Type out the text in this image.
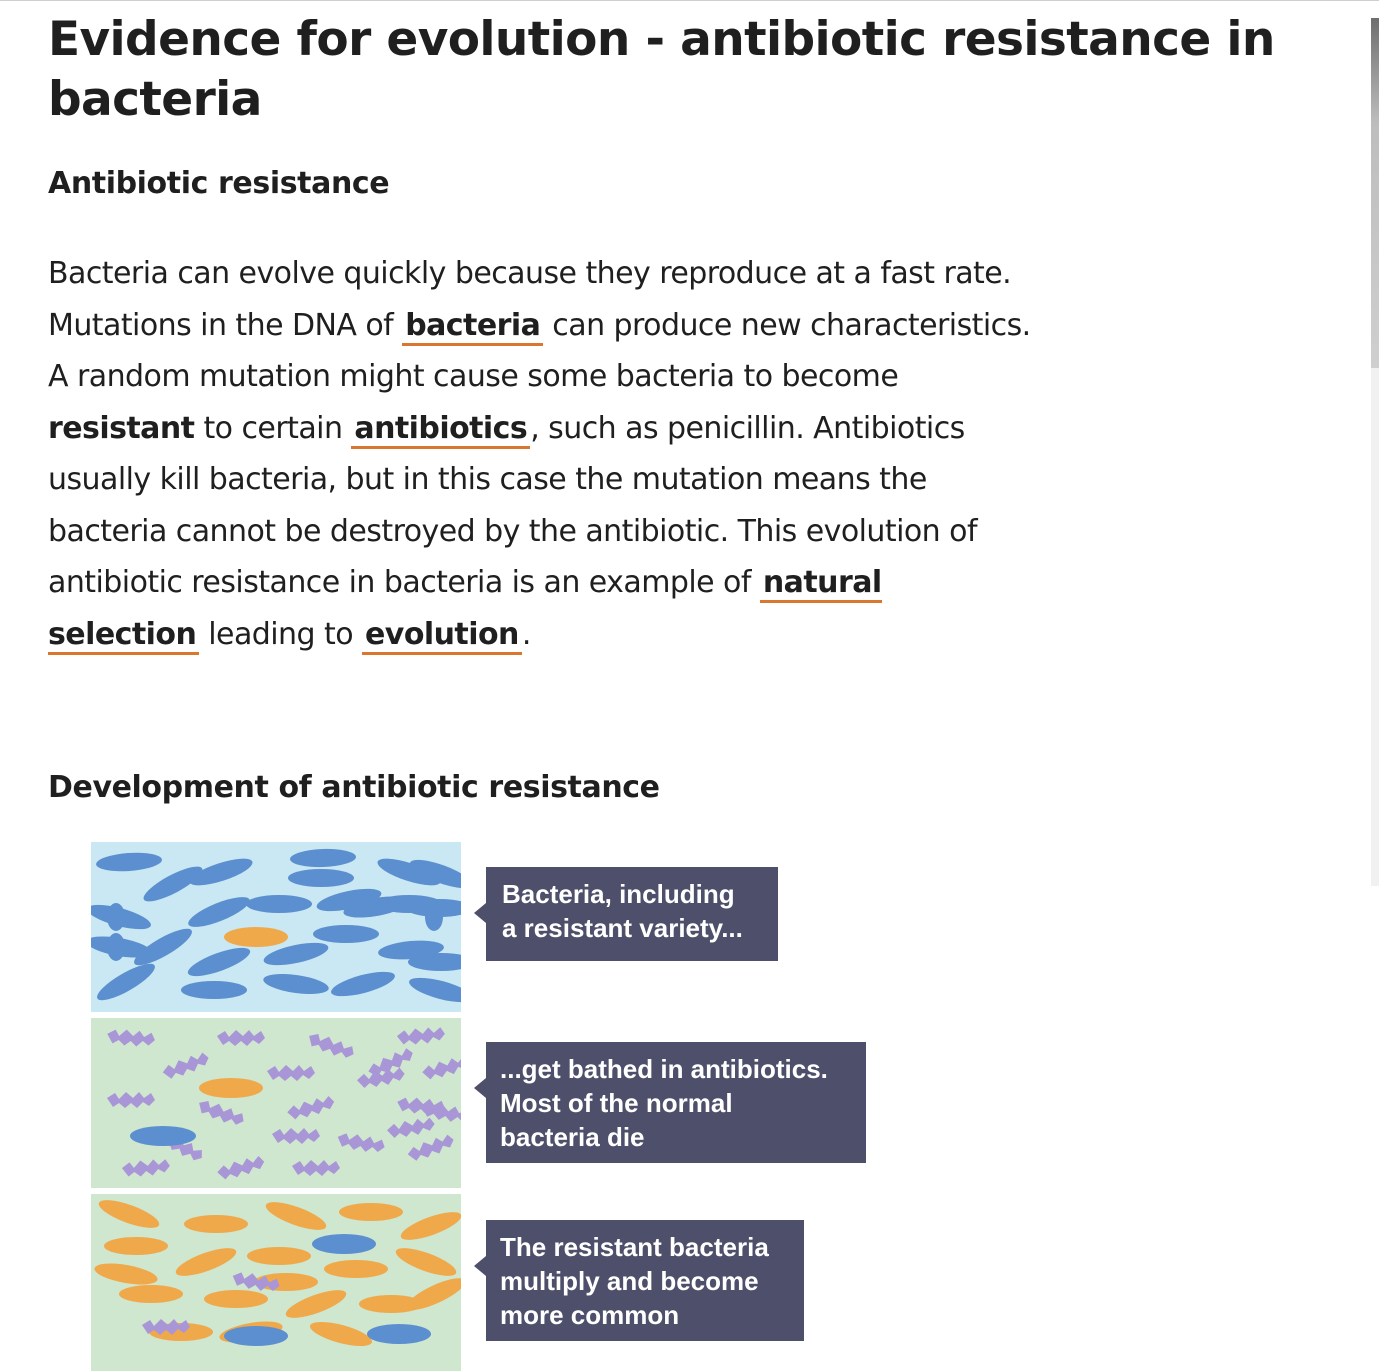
Evidence for evolution - antibiotic resistance in bacteria
Antibiotic resistance

Bacteria can evolve quickly because they reproduce at a fast rate. Mutations in the DNA of bacteria can produce new characteristics. A random mutation might cause some bacteria to become resistant to certain antibiotics , such as penicillin. Antibiotics usually kill bacteria, but in this case the mutation means the bacteria cannot be destroyed by the antibiotic. This evolution of antibiotic resistance in bacteria is an example of natural selection leading to evolution .

Development of antibiotic resistance
Bacteria, including
a resistant variety...
...get bathed in antibiotics.
Most of the normal
bacteria die
The resistant bacteria
multiply and become
more common
